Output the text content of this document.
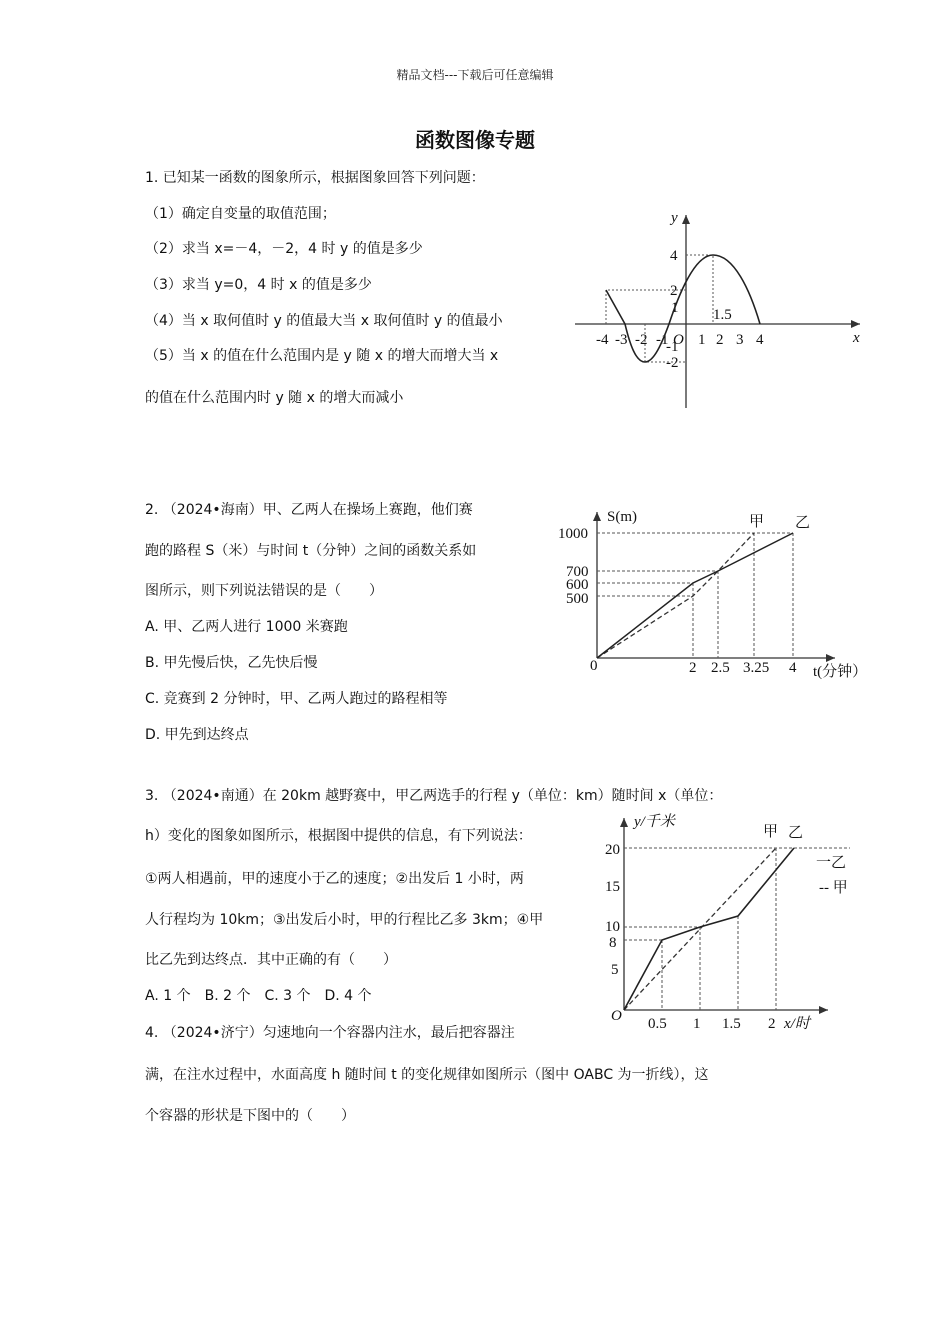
精品文档---下载后可任意编辑
函数图像专题
1. 已知某一函数的图象所示，根据图象回答下列问题：
（1）确定自变量的取值范围；
（2）求当 x=－4，－2，4 时 y 的值是多少
（3）求当 y=0，4 时 x 的值是多少
（4）当 x 取何值时 y 的值最大当 x 取何值时 y 的值最小
（5）当 x 的值在什么范围内是 y 随 x 的增大而增大当 x
的值在什么范围内时 y 随 x 的增大而减小
x
y
O
-4 -3 -2 -1 1 2 3 4
4
2
1
-1
-2
1.5
2. （2024•海南）甲、乙两人在操场上赛跑，他们赛
跑的路程 S（米）与时间 t（分钟）之间的函数关系如
图所示，则下列说法错误的是（　　）
A. 甲、乙两人进行 1000 米赛跑
B. 甲先慢后快，乙先快后慢
C. 竞赛到 2 分钟时，甲、乙两人跑过的路程相等
D. 甲先到达终点
S(m)
t(分钟）
0
1000
700
600
500
2 2.5 3.25 4
甲 乙
3. （2024•南通）在 20km 越野赛中，甲乙两选手的行程 y（单位：km）随时间 x（单位：
h）变化的图象如图所示，根据图中提供的信息，有下列说法：
①两人相遇前，甲的速度小于乙的速度；②出发后 1 小时，两
人行程均为 10km；③出发后小时，甲的行程比乙多 3km；④甲
比乙先到达终点．其中正确的有（　　）
A. 1 个　B. 2 个　C. 3 个　D. 4 个
y/千米
x/时
O
20
15
10
8
5
0.5 1 1.5 2
甲 乙
一乙
-- 甲
4. （2024•济宁）匀速地向一个容器内注水，最后把容器注
满，在注水过程中，水面高度 h 随时间 t 的变化规律如图所示（图中 OABC 为一折线），这
个容器的形状是下图中的（　　）
